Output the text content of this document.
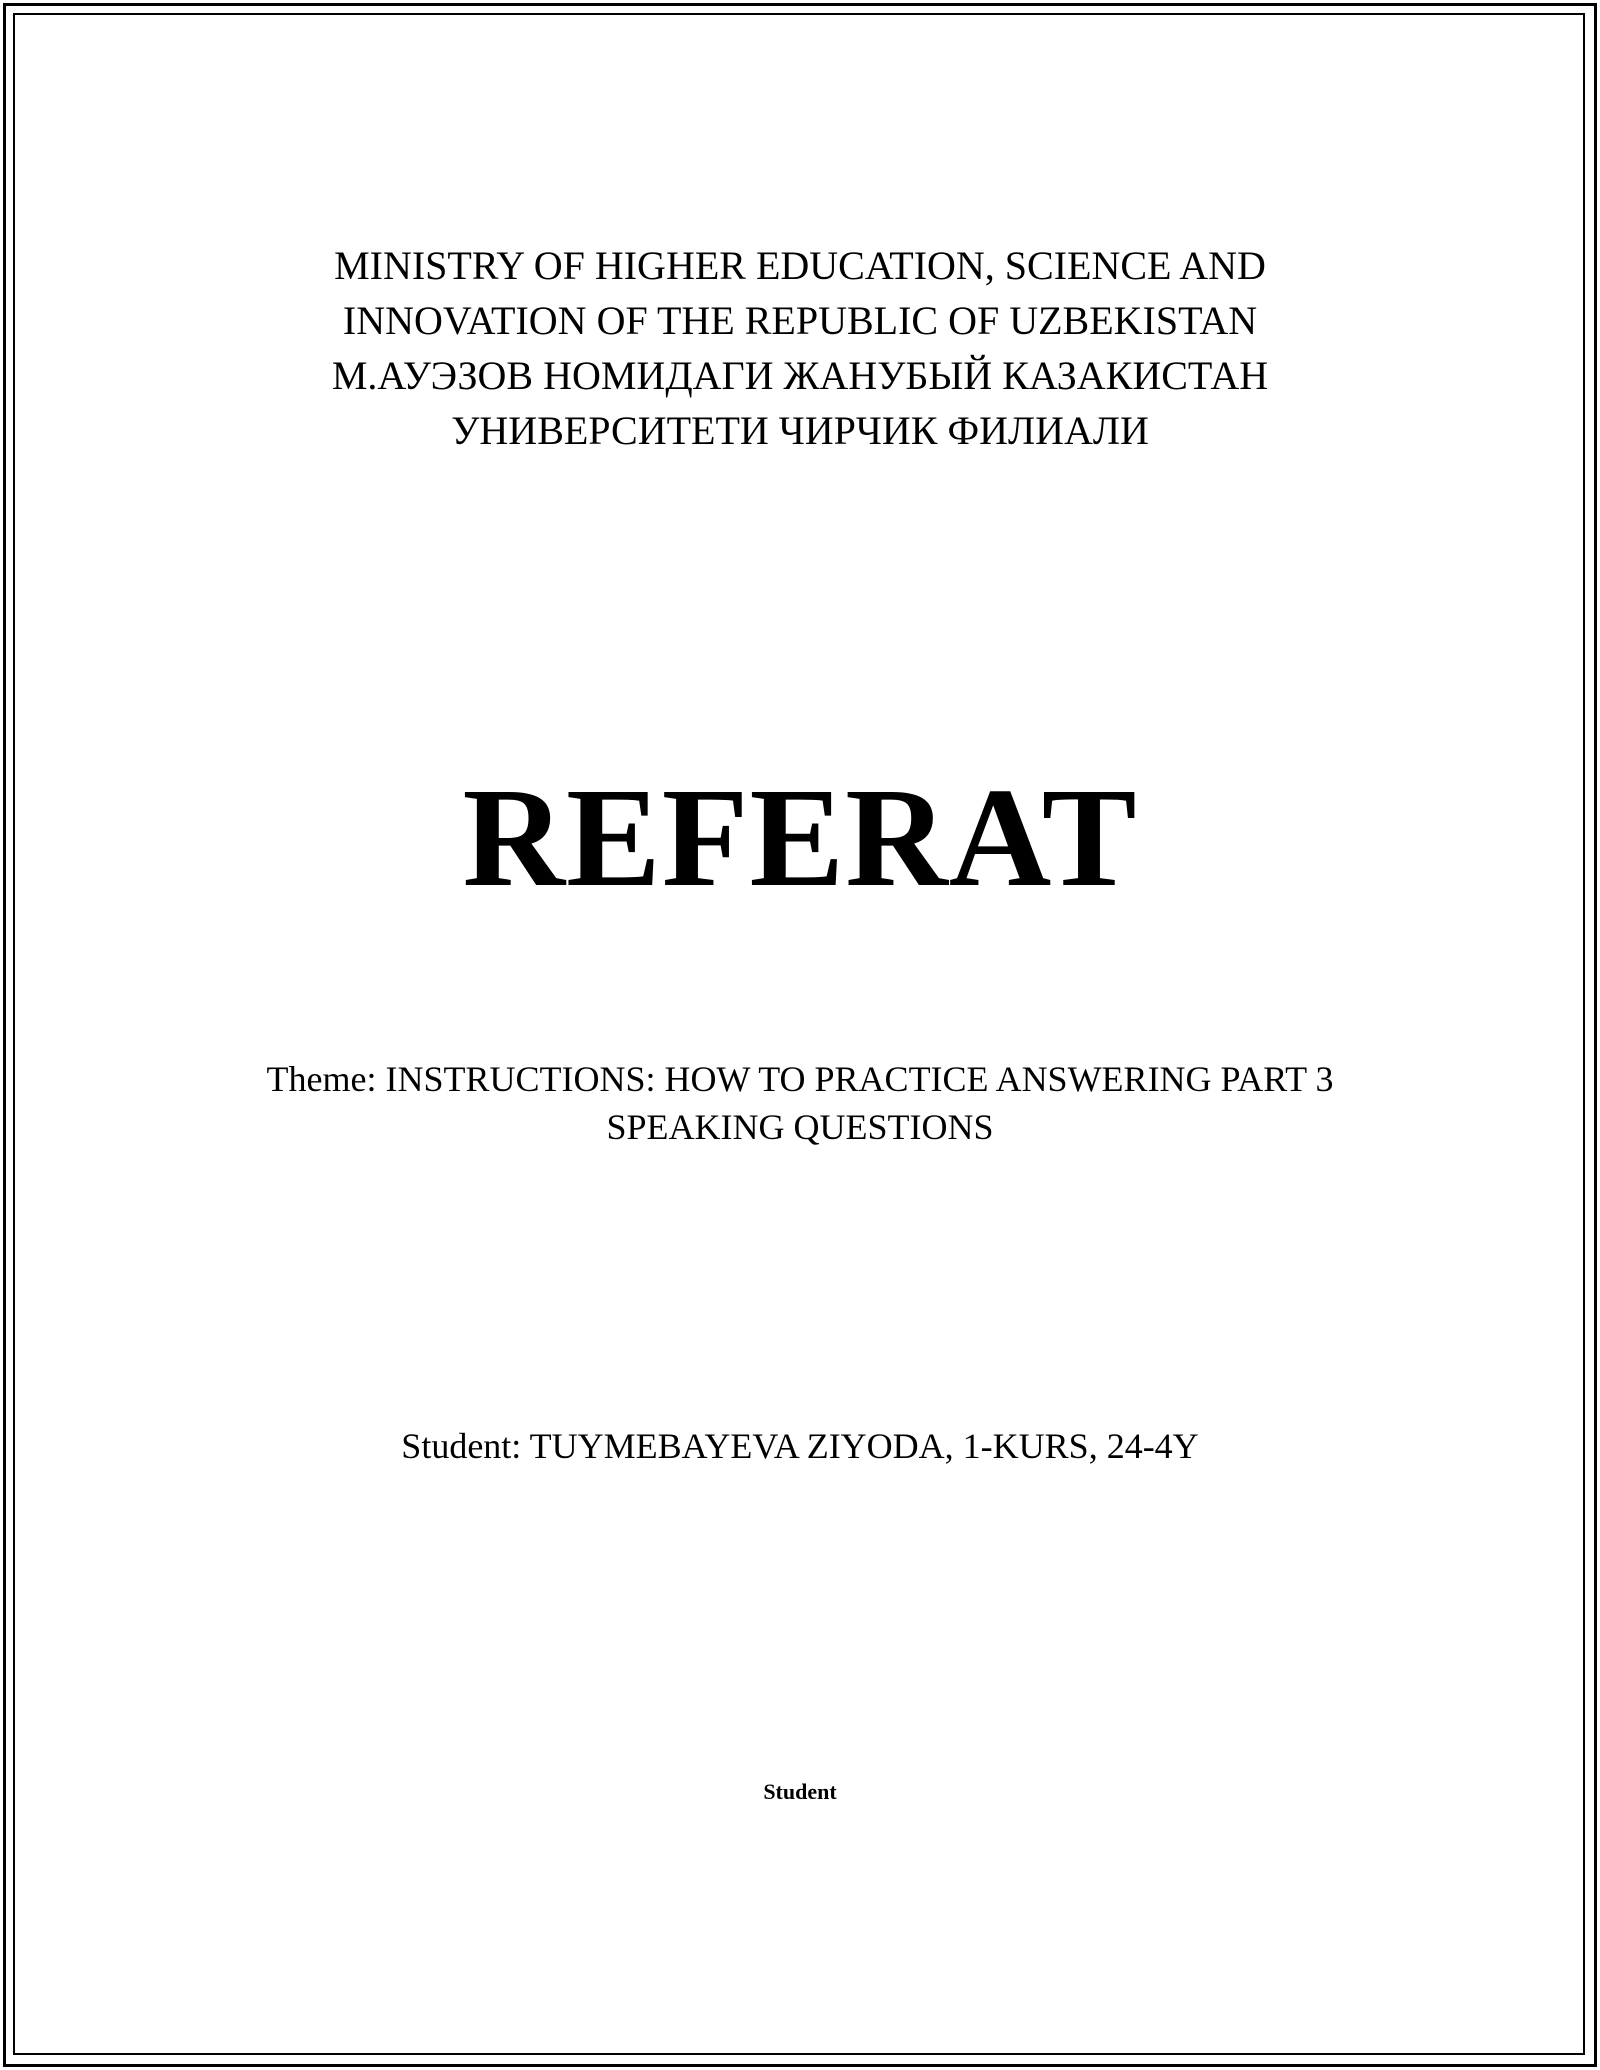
MINISTRY OF HIGHER EDUCATION, SCIENCE AND
INNOVATION OF THE REPUBLIC OF UZBEKISTAN
М.АУЭЗОВ НОМИДАГИ ЖАНУБЫЙ КАЗАКИСТАН
УНИВЕРСИТЕТИ ЧИРЧИК ФИЛИАЛИ
REFERAT
Theme: INSTRUCTIONS: HOW TO PRACTICE ANSWERING PART 3
SPEAKING QUESTIONS
Student: TUYMEBAYEVA ZIYODA, 1-KURS, 24-4Y
Student
